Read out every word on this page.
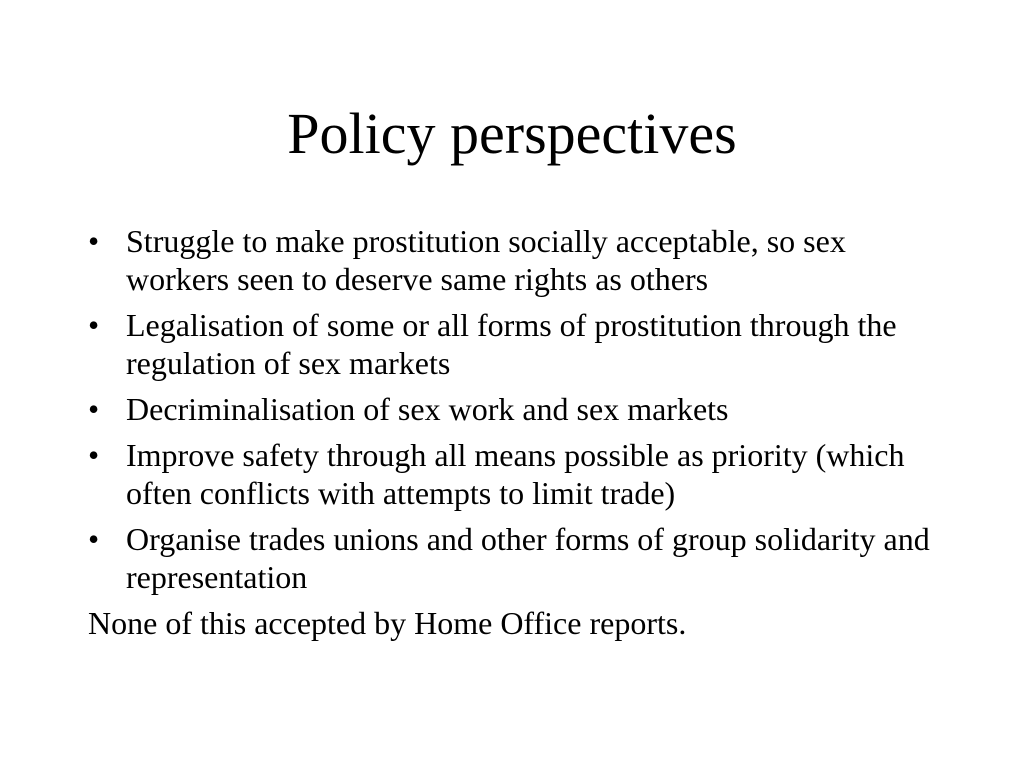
Policy perspectives
• Struggle to make prostitution socially acceptable, so sex workers seen to deserve same rights as others
• Legalisation of some or all forms of prostitution through the regulation of sex markets
• Decriminalisation of sex work and sex markets
• Improve safety through all means possible as priority (which often conflicts with attempts to limit trade)
• Organise trades unions and other forms of group solidarity and representation

None of this accepted by Home Office reports.
